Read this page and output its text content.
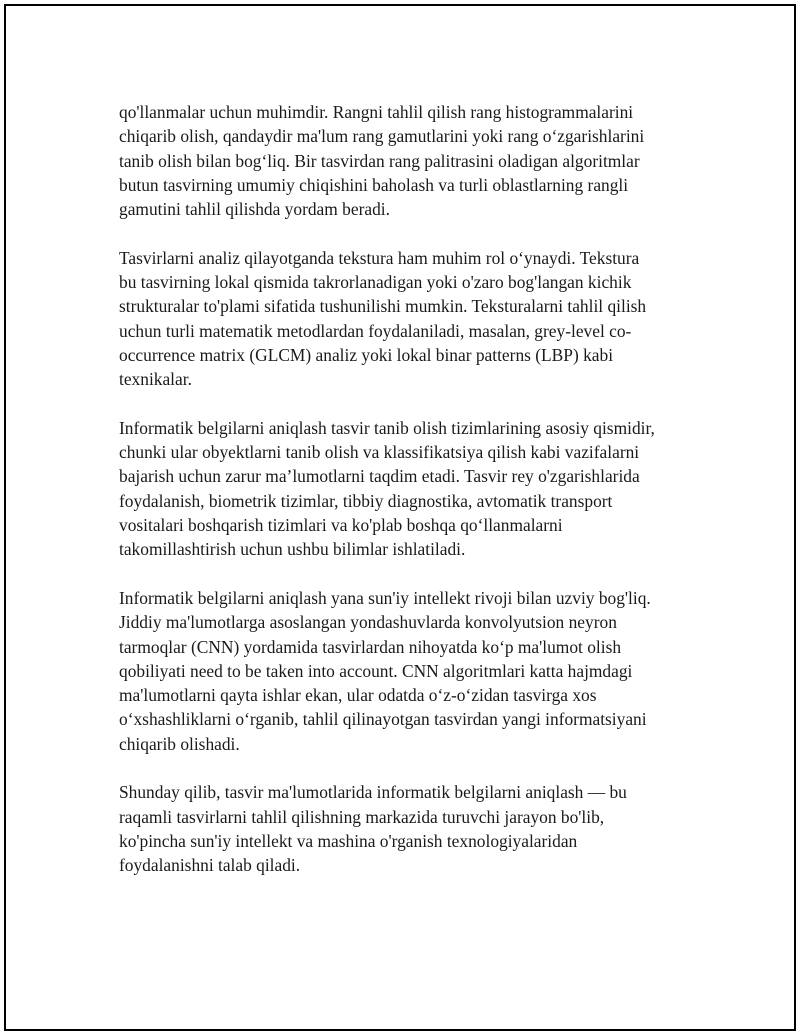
qo'llanmalar uchun muhimdir. Rangni tahlil qilish rang histogrammalarini
chiqarib olish, qandaydir ma'lum rang gamutlarini yoki rang o‘zgarishlarini
tanib olish bilan bog‘liq. Bir tasvirdan rang palitrasini oladigan algoritmlar
butun tasvirning umumiy chiqishini baholash va turli oblastlarning rangli
gamutini tahlil qilishda yordam beradi.

Tasvirlarni analiz qilayotganda tekstura ham muhim rol o‘ynaydi. Tekstura
bu tasvirning lokal qismida takrorlanadigan yoki o'zaro bog'langan kichik
strukturalar to'plami sifatida tushunilishi mumkin. Teksturalarni tahlil qilish
uchun turli matematik metodlardan foydalaniladi, masalan, grey-level co-
occurrence matrix (GLCM) analiz yoki lokal binar patterns (LBP) kabi
texnikalar.

Informatik belgilarni aniqlash tasvir tanib olish tizimlarining asosiy qismidir,
chunki ular obyektlarni tanib olish va klassifikatsiya qilish kabi vazifalarni
bajarish uchun zarur ma’lumotlarni taqdim etadi. Tasvir rey o'zgarishlarida
foydalanish, biometrik tizimlar, tibbiy diagnostika, avtomatik transport
vositalari boshqarish tizimlari va ko'plab boshqa qo‘llanmalarni
takomillashtirish uchun ushbu bilimlar ishlatiladi.

Informatik belgilarni aniqlash yana sun'iy intellekt rivoji bilan uzviy bog'liq.
Jiddiy ma'lumotlarga asoslangan yondashuvlarda konvolyutsion neyron
tarmoqlar (CNN) yordamida tasvirlardan nihoyatda ko‘p ma'lumot olish
qobiliyati need to be taken into account. CNN algoritmlari katta hajmdagi
ma'lumotlarni qayta ishlar ekan, ular odatda o‘z-o‘zidan tasvirga xos
o‘xshashliklarni o‘rganib, tahlil qilinayotgan tasvirdan yangi informatsiyani
chiqarib olishadi.

Shunday qilib, tasvir ma'lumotlarida informatik belgilarni aniqlash — bu
raqamli tasvirlarni tahlil qilishning markazida turuvchi jarayon bo'lib,
ko'pincha sun'iy intellekt va mashina o'rganish texnologiyalaridan
foydalanishni talab qiladi.
